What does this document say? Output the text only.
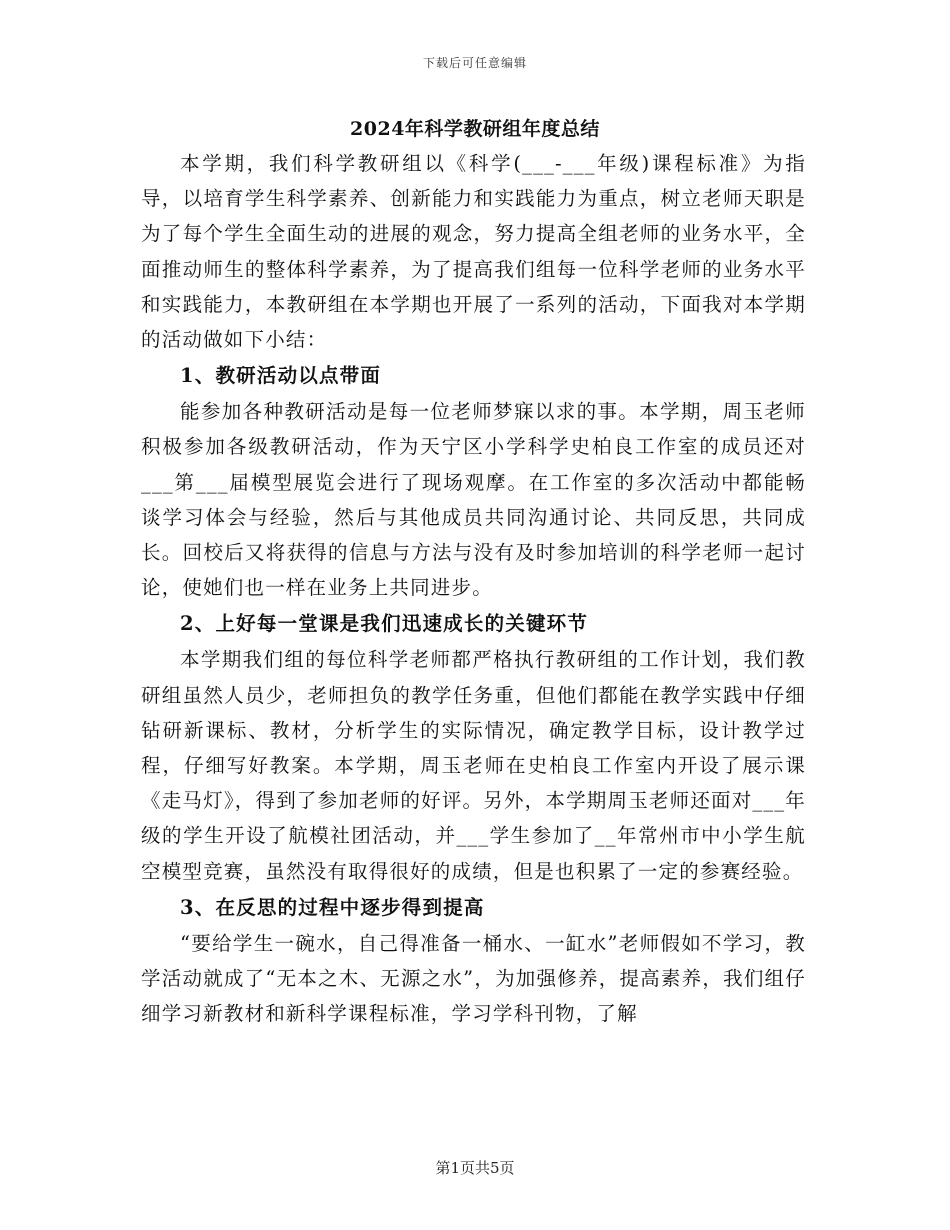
下载后可任意编辑
2024年科学教研组年度总结

本学期，我们科学教研组以《科学(___-___年级)课程标准》为指导，以培育学生科学素养、创新能力和实践能力为重点，树立老师天职是为了每个学生全面生动的进展的观念，努力提高全组老师的业务水平，全面推动师生的整体科学素养，为了提高我们组每一位科学老师的业务水平和实践能力，本教研组在本学期也开展了一系列的活动，下面我对本学期的活动做如下小结：

1、教研活动以点带面

能参加各种教研活动是每一位老师梦寐以求的事。本学期，周玉老师积极参加各级教研活动，作为天宁区小学科学史柏良工作室的成员还对___第___届模型展览会进行了现场观摩。在工作室的多次活动中都能畅谈学习体会与经验，然后与其他成员共同沟通讨论、共同反思，共同成长。回校后又将获得的信息与方法与没有及时参加培训的科学老师一起讨论，使她们也一样在业务上共同进步。

2、上好每一堂课是我们迅速成长的关键环节

本学期我们组的每位科学老师都严格执行教研组的工作计划，我们教研组虽然人员少，老师担负的教学任务重，但他们都能在教学实践中仔细钻研新课标、教材，分析学生的实际情况，确定教学目标，设计教学过程，仔细写好教案。本学期，周玉老师在史柏良工作室内开设了展示课《走马灯》，得到了参加老师的好评。另外，本学期周玉老师还面对___年级的学生开设了航模社团活动，并___学生参加了__年常州市中小学生航空模型竞赛，虽然没有取得很好的成绩，但是也积累了一定的参赛经验。

3、在反思的过程中逐步得到提高

“要给学生一碗水，自己得准备一桶水、一缸水”老师假如不学习，教学活动就成了“无本之木、无源之水”，为加强修养，提高素养，我们组仔细学习新教材和新科学课程标准，学习学科刊物，了解

第1页共5页
